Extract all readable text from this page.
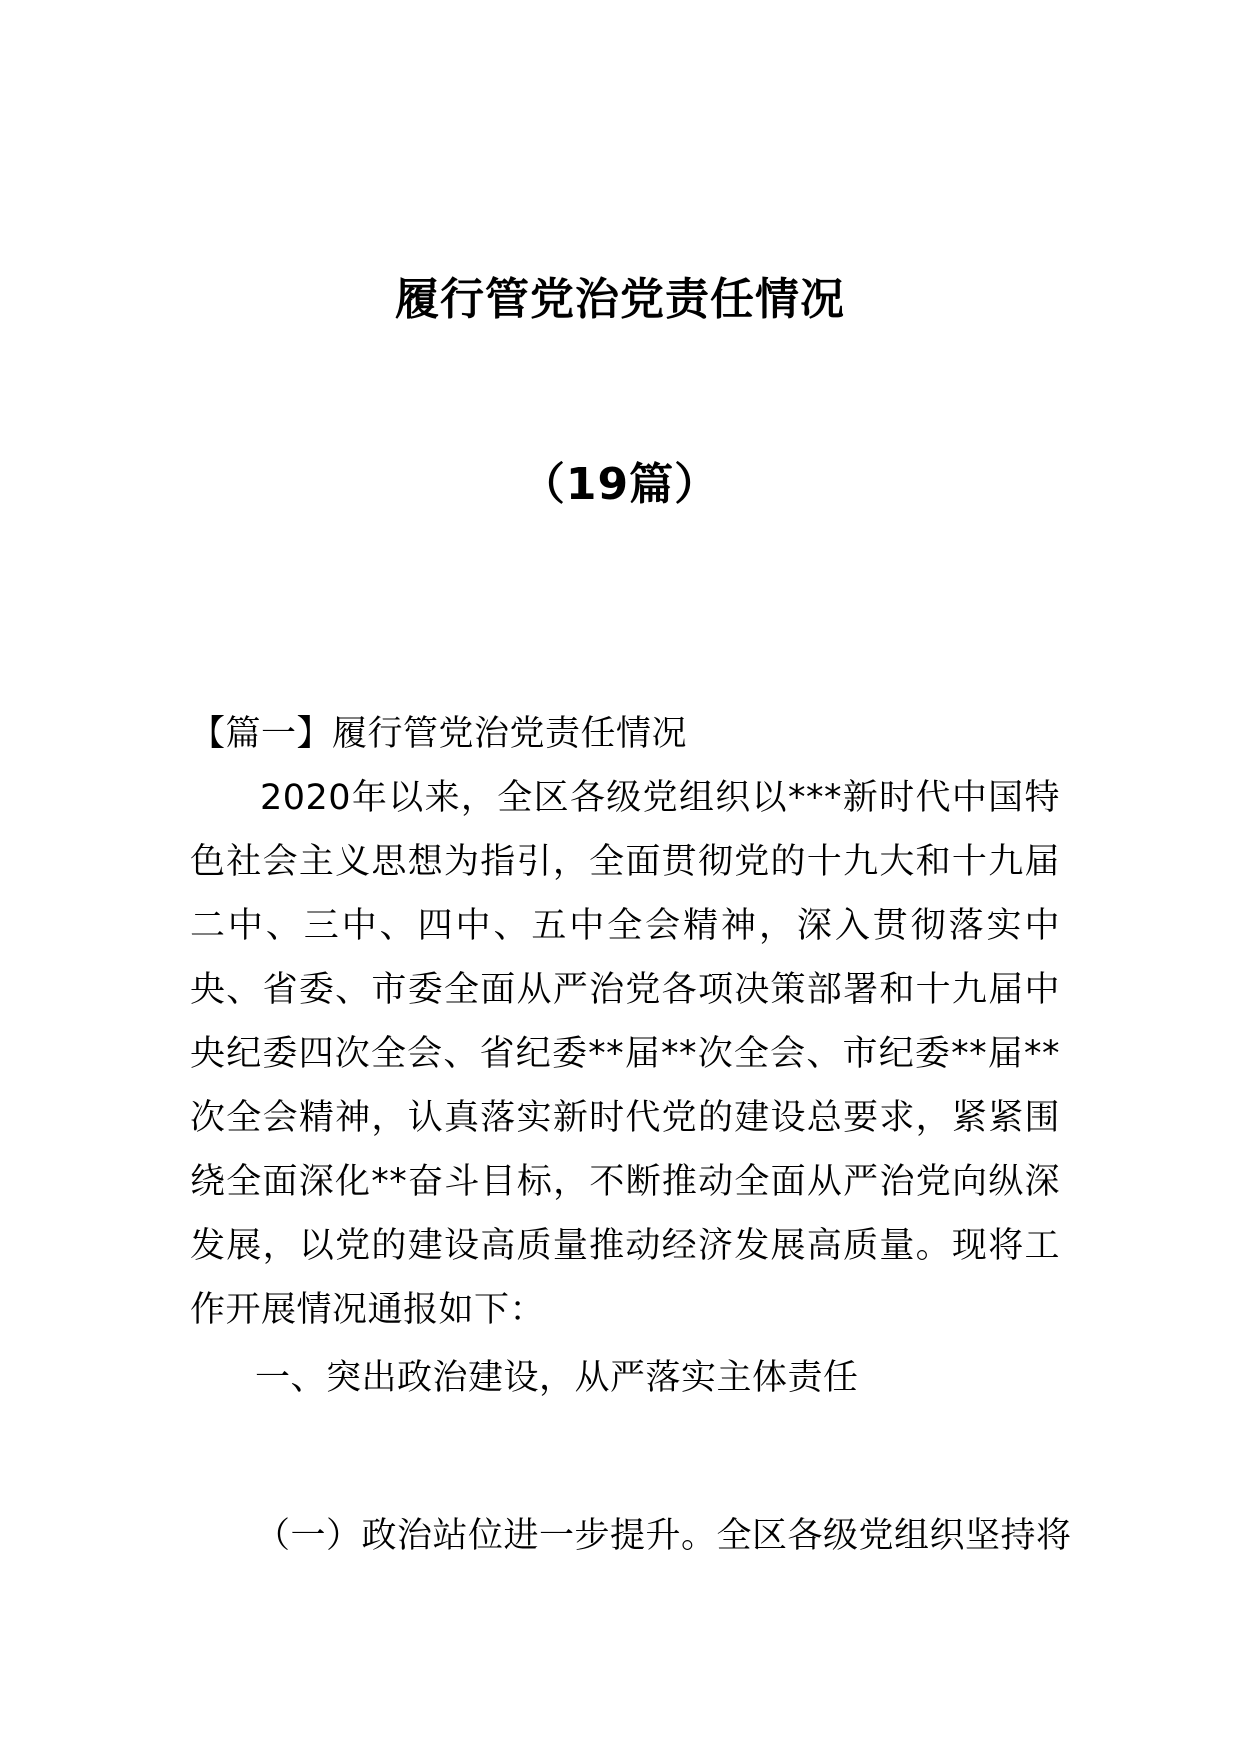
履行管党治党责任情况
（19篇）

【篇一】履行管党治党责任情况

2020年以来，全区各级党组织以***新时代中国特色社会主义思想为指引，全面贯彻党的十九大和十九届二中、三中、四中、五中全会精神，深入贯彻落实中央、省委、市委全面从严治党各项决策部署和十九届中央纪委四次全会、省纪委**届**次全会、市纪委**届**次全会精神，认真落实新时代党的建设总要求，紧紧围绕全面深化**奋斗目标，不断推动全面从严治党向纵深发展，以党的建设高质量推动经济发展高质量。现将工作开展情况通报如下：

一、突出政治建设，从严落实主体责任

（一）政治站位进一步提升。全区各级党组织坚持将
